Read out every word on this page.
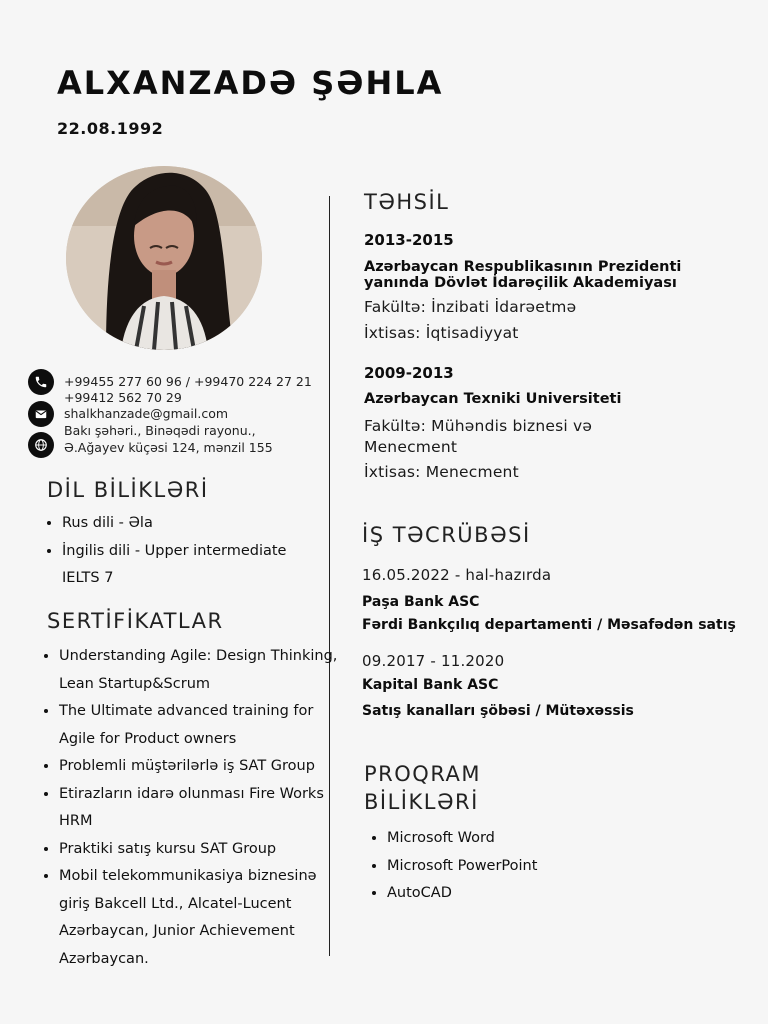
ALXANZADƏ ŞƏHLA
22.08.1992
+99455 277 60 96 / +99470 224 27 21
+99412 562 70 29
shalkhanzade@gmail.com
Bakı şəhəri., Binəqədi rayonu.,
Ə.Ağayev küçəsi 124, mənzil 155
DİL BİLİKLƏRİ
• Rus dili - Əla
• İngilis dili - Upper intermediate IELTS 7
SERTİFİKATLAR
• Understanding Agile: Design Thinking, Lean Startup&Scrum
• The Ultimate advanced training for Agile for Product owners
• Problemli müştərilərlə iş SAT Group
• Etirazların idarə olunması Fire Works HRM
• Praktiki satış kursu SAT Group
• Mobil telekommunikasiya biznesinə giriş Bakcell Ltd., Alcatel-Lucent Azərbaycan, Junior Achievement Azərbaycan.
TƏHSİL
2013-2015
Azərbaycan Respublikasının Prezidenti yanında Dövlət İdarəçilik Akademiyası
Fakültə: İnzibati İdarəetmə
İxtisas: İqtisadiyyat
2009-2013
Azərbaycan Texniki Universiteti
Fakültə: Mühəndis biznesi və Menecment
İxtisas: Menecment
İŞ TƏCRÜBƏSİ
16.05.2022 - hal-hazırda
Paşa Bank ASC
Fərdi Bankçılıq departamenti / Məsafədən satış
09.2017 - 11.2020
Kapital Bank ASC
Satış kanalları şöbəsi / Mütəxəssis
PROQRAM
BİLİKLƏRİ
• Microsoft Word
• Microsoft PowerPoint
• AutoCAD
